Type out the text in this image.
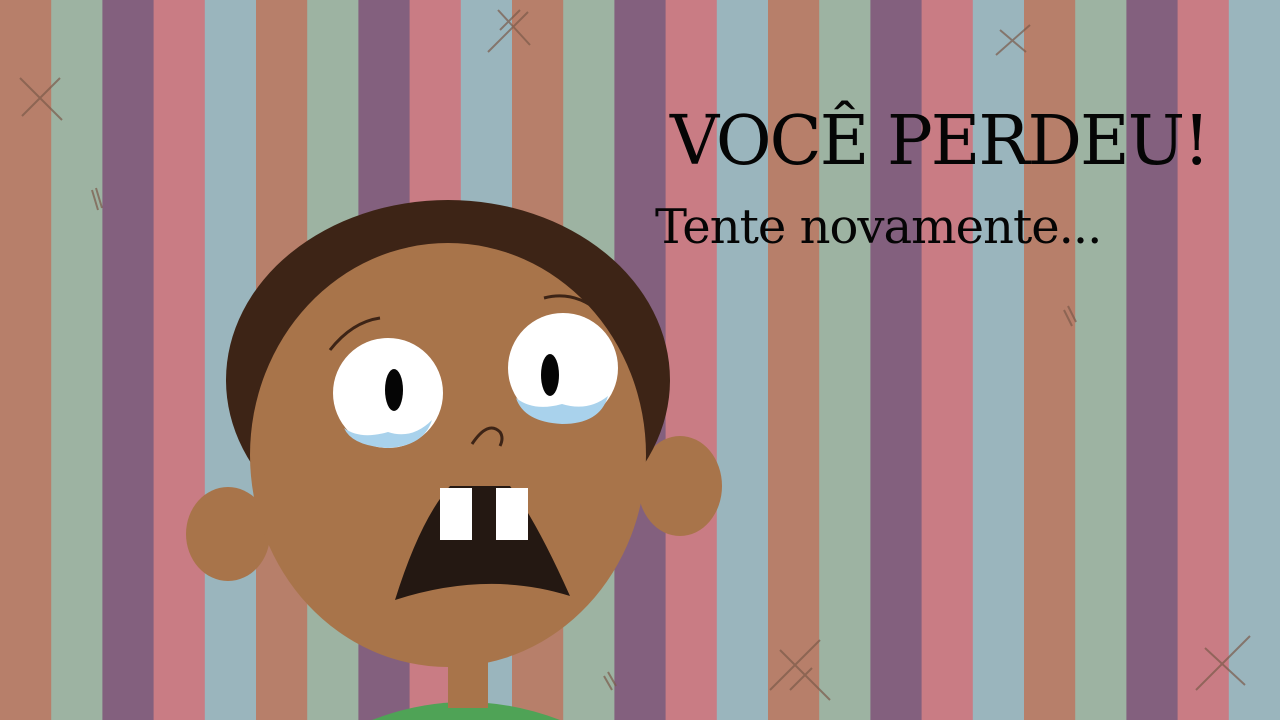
VOCÊ PERDEU!

Tente novamente...
